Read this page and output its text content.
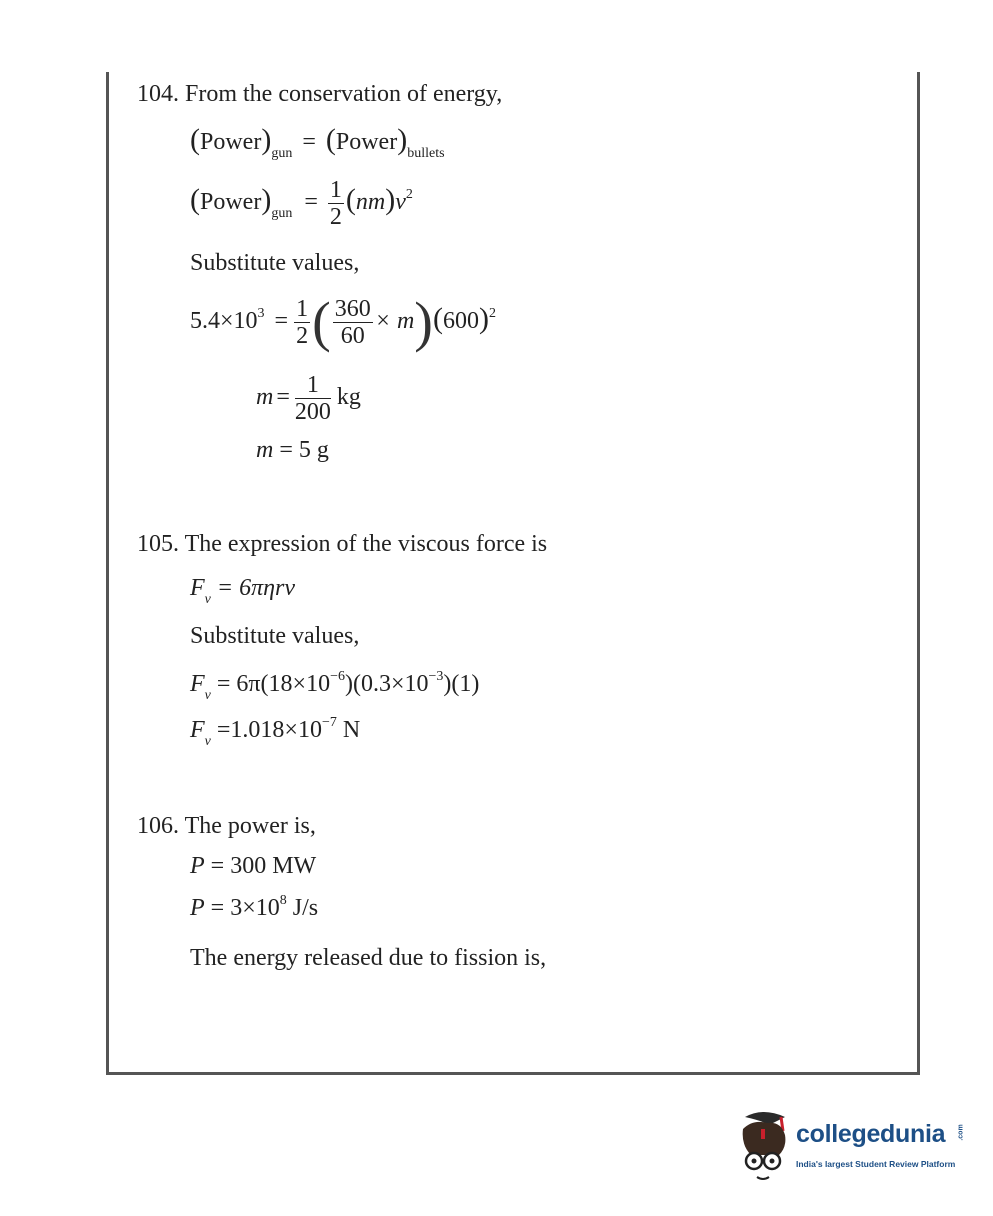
104. From the conservation of energy,
$(Power)_{gun}$ = $(Power)_{bullets}$
$(Power)_{gun} = \frac{1}{2} (nm)v^2$
Substitute values,
$5.4\times 10^3 = \frac{1}{2}$ ( $\frac{360}{60} \times m)(600)^2$
$m = \frac{1}{200}$ kg
m = 5 g
105. The expression of the viscous force is
$F_v = 6\pi\eta rv$
Substitute values,
$F_v = 6\pi(18\times 10^{-6})(0.3\times 10^{-3})(1)$
$F_v =1.018\times 10^{-7}$ N
106. The power is,
P = 300 MW
$P = 3\times 10^8$ J/s
The energy released due to fission is,
collegedunia .com
India's largest Student Review Platform
